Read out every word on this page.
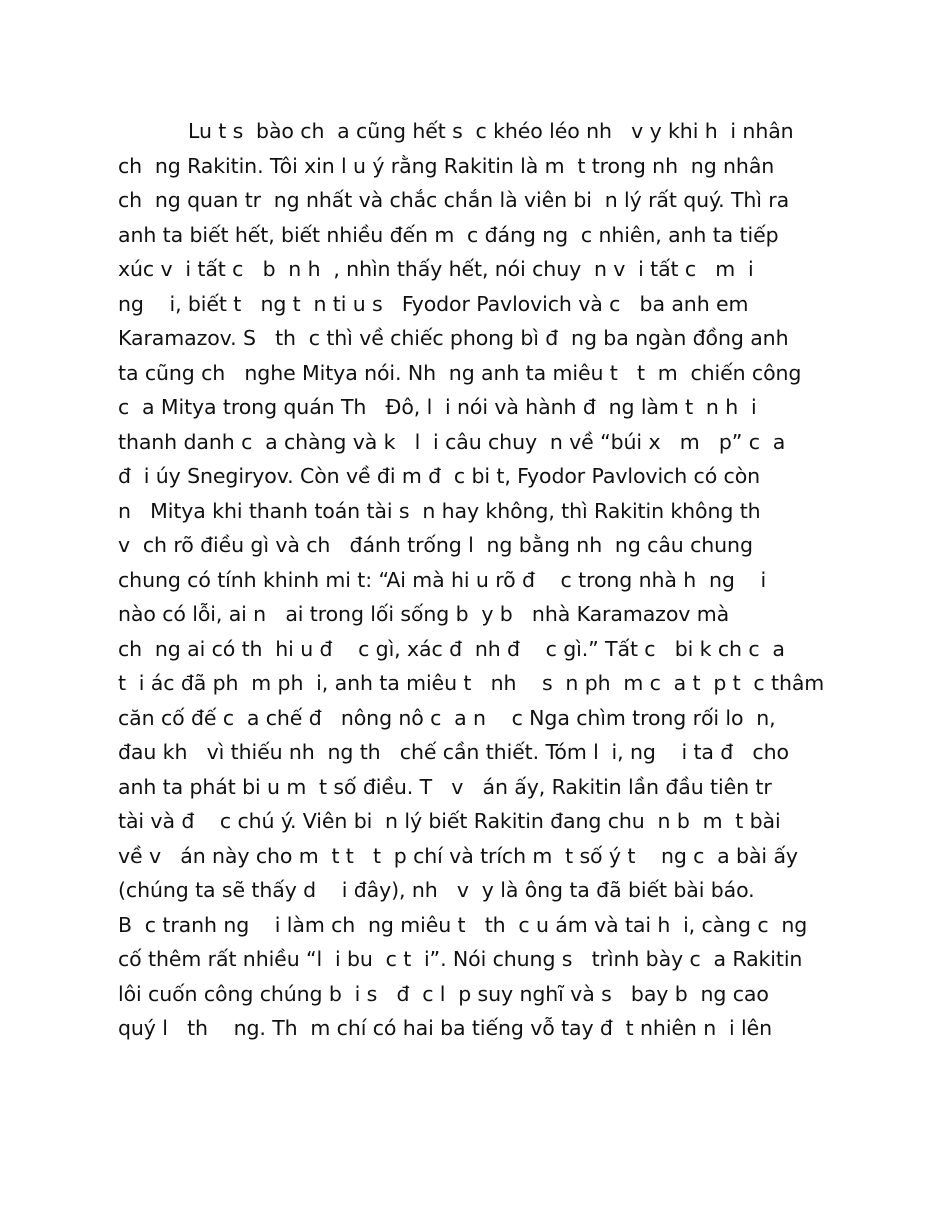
Lu t s  bào ch  a cũng hết s  c khéo léo nh   v y khi h  i nhân
ch  ng Rakitin. Tôi xin l u ý rằng Rakitin là m  t trong nh  ng nhân
ch  ng quan tr  ng nhất và chắc chắn là viên bi  n lý rất quý. Thì ra
anh ta biết hết, biết nhiều đến m  c đáng ng  c nhiên, anh ta tiếp
xúc v  i tất c   b  n h  , nhìn thấy hết, nói chuy  n v  i tất c   m  i
ng    i, biết t   ng t  n ti u s   Fyodor Pavlovich và c   ba anh em
Karamazov. S   th  c thì về chiếc phong bì đ  ng ba ngàn đồng anh
ta cũng ch   nghe Mitya nói. Nh  ng anh ta miêu t   t  m  chiến công
c  a Mitya trong quán Th   Đô, l  i nói và hành đ  ng làm t  n h  i
thanh danh c  a chàng và k   l  i câu chuy  n về “búi x   m   p” c  a
đ  i úy Snegiryov. Còn về đi m đ  c bi t, Fyodor Pavlovich có còn
n   Mitya khi thanh toán tài s  n hay không, thì Rakitin không th
v  ch rõ điều gì và ch   đánh trống l  ng bằng nh  ng câu chung
chung có tính khinh mi t: “Ai mà hi u rõ đ    c trong nhà h  ng    i
nào có lỗi, ai n   ai trong lối sống b  y b   nhà Karamazov mà
ch  ng ai có th  hi u đ    c gì, xác đ  nh đ    c gì.” Tất c   bi k ch c  a
t  i ác đã ph  m ph  i, anh ta miêu t   nh    s  n ph  m c  a t  p t  c thâm
căn cố đế c  a chế đ   nông nô c  a n    c Nga chìm trong rối lo  n,
đau kh   vì thiếu nh  ng th   chế cần thiết. Tóm l  i, ng    i ta đ   cho
anh ta phát bi u m  t số điều. T   v   án ấy, Rakitin lần đầu tiên tr
tài và đ    c chú ý. Viên bi  n lý biết Rakitin đang chu  n b  m  t bài
về v   án này cho m  t t   t  p chí và trích m  t số ý t    ng c  a bài ấy
(chúng ta sẽ thấy d    i đây), nh   v  y là ông ta đã biết bài báo.
B  c tranh ng    i làm ch  ng miêu t   th  c u ám và tai h  i, càng c  ng
cố thêm rất nhiều “l  i bu  c t  i”. Nói chung s   trình bày c  a Rakitin
lôi cuốn công chúng b  i s   đ  c l  p suy nghĩ và s   bay b  ng cao
quý l   th    ng. Th  m chí có hai ba tiếng vỗ tay đ  t nhiên n  i lên
